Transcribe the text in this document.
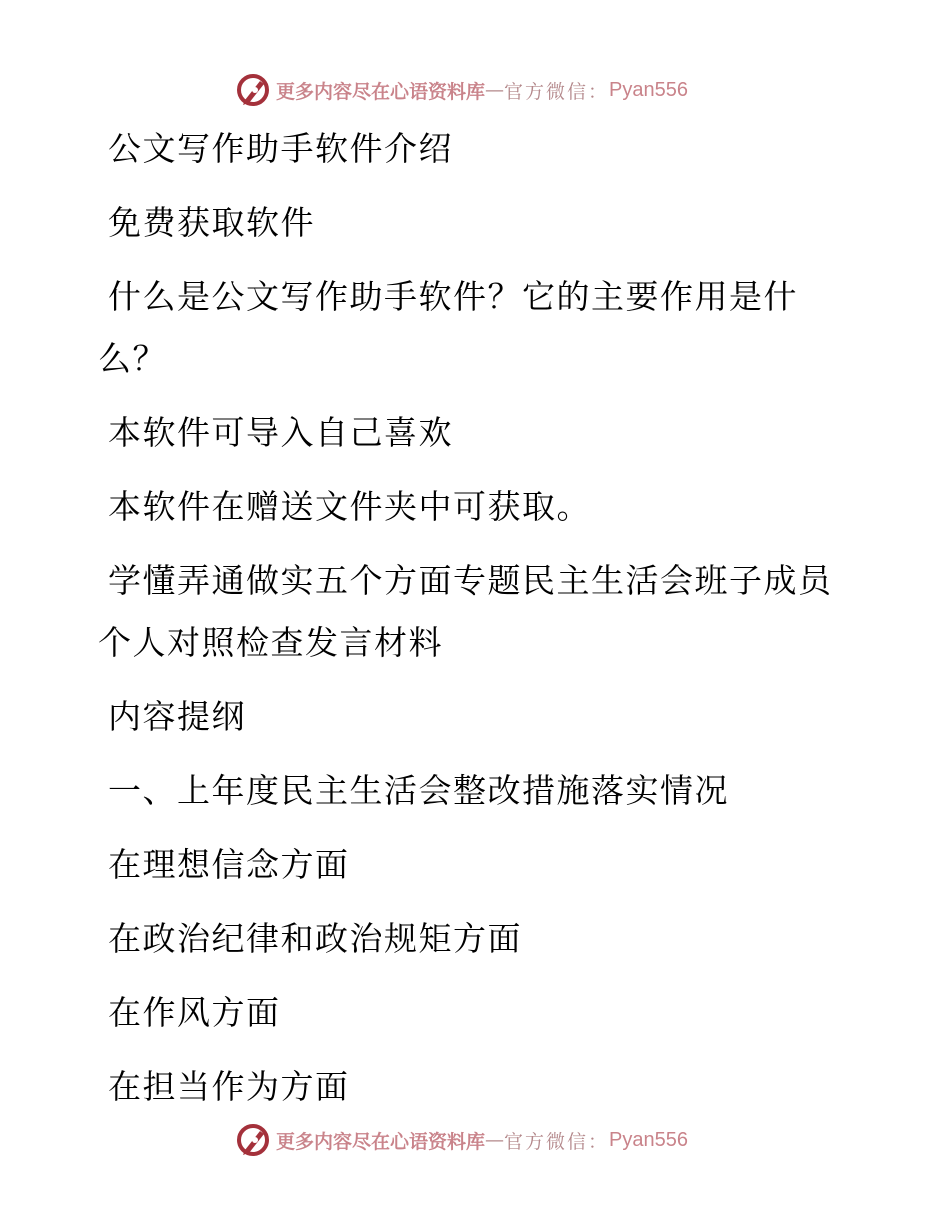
更多内容尽在心语资料库 — 官方微信： Pyan556
公文写作助手软件介绍
免费获取软件
什么是公文写作助手软件？它的主要作用是什
么？
本软件可导入自己喜欢
本软件在赠送文件夹中可获取。
学懂弄通做实五个方面专题民主生活会班子成员
个人对照检查发言材料
内容提纲
一、上年度民主生活会整改措施落实情况
在理想信念方面
在政治纪律和政治规矩方面
在作风方面
在担当作为方面
更多内容尽在心语资料库 — 官方微信： Pyan556
